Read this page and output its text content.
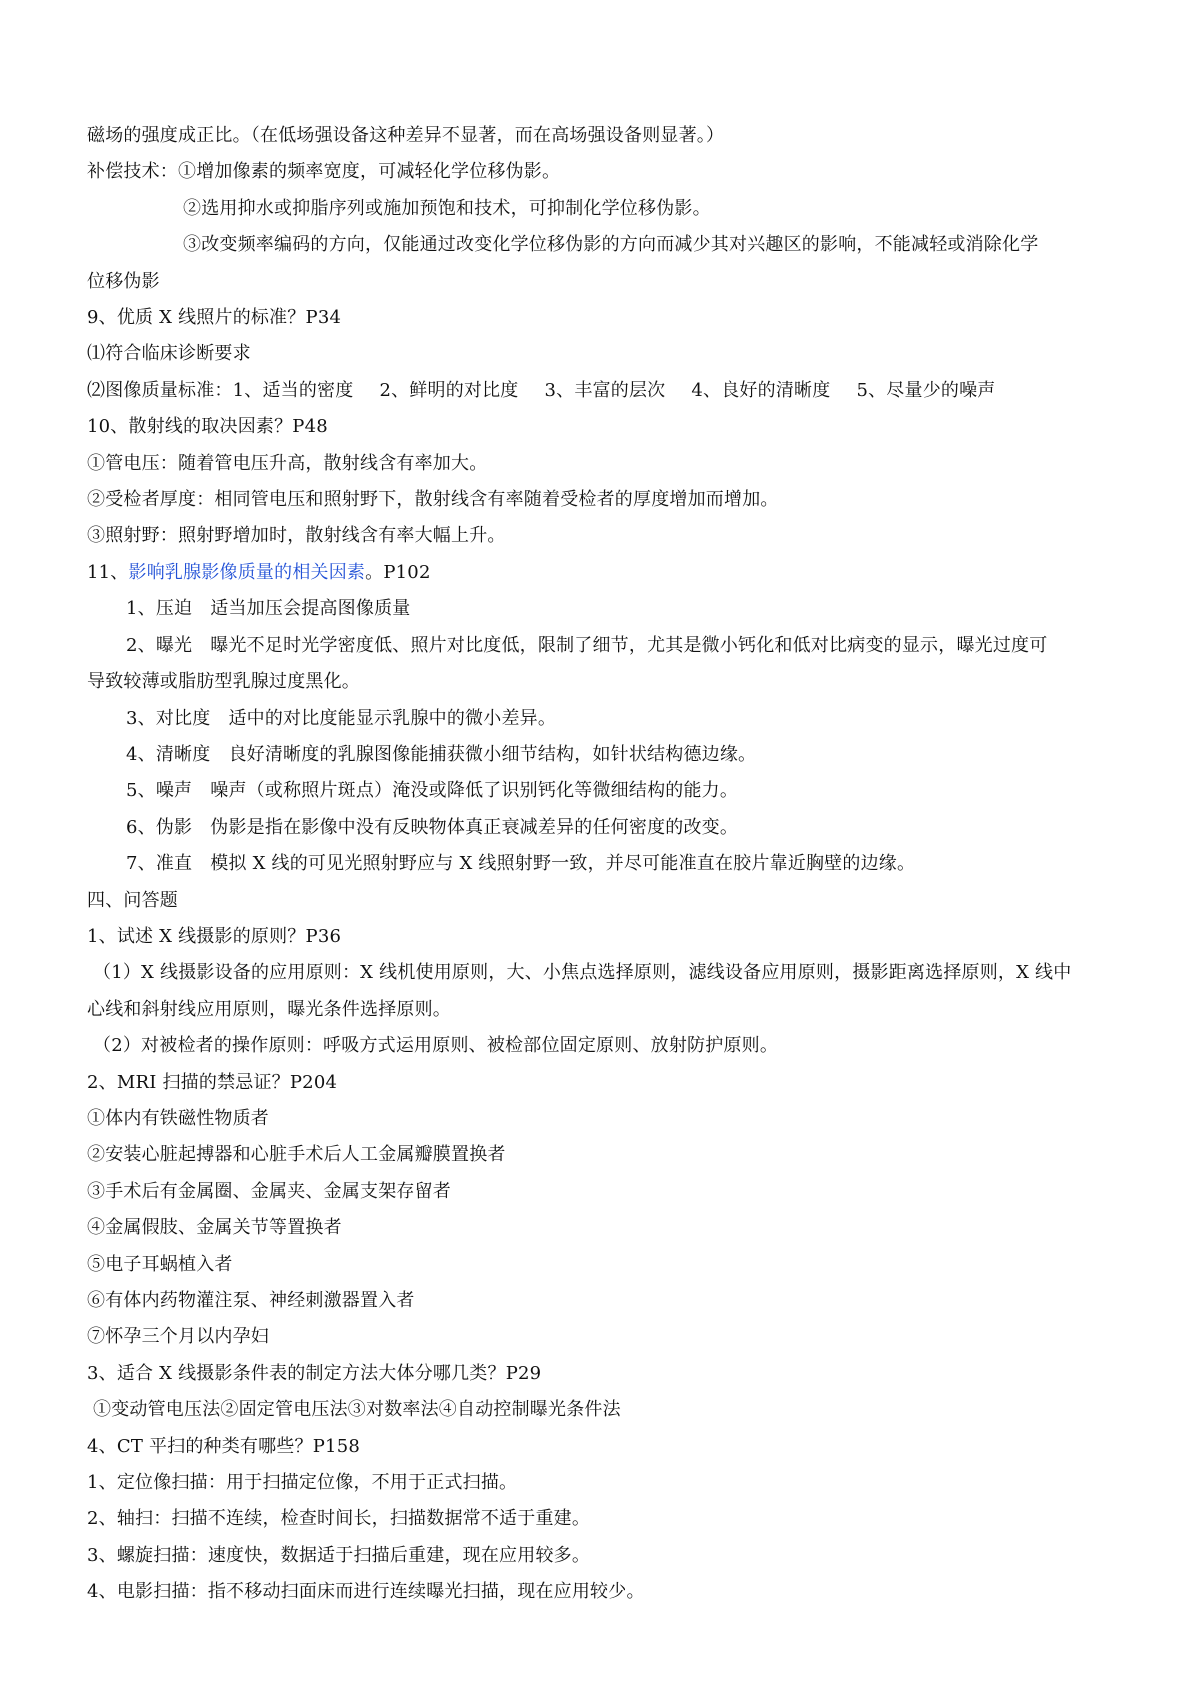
磁场的强度成正比。（在低场强设备这种差异不显著，而在高场强设备则显著。）
补偿技术：①增加像素的频率宽度，可减轻化学位移伪影。
②选用抑水或抑脂序列或施加预饱和技术，可抑制化学位移伪影。
③改变频率编码的方向，仅能通过改变化学位移伪影的方向而减少其对兴趣区的影响，不能减轻或消除化学
位移伪影
9、优质 X 线照片的标准？P34
⑴符合临床诊断要求
⑵图像质量标准：1、适当的密度 2、鲜明的对比度 3、丰富的层次 4、良好的清晰度 5、尽量少的噪声
10、散射线的取决因素？P48
①管电压：随着管电压升高，散射线含有率加大。
②受检者厚度：相同管电压和照射野下，散射线含有率随着受检者的厚度增加而增加。
③照射野：照射野增加时，散射线含有率大幅上升。
11、影响乳腺影像质量的相关因素。P102
1、压迫 适当加压会提高图像质量
2、曝光 曝光不足时光学密度低、照片对比度低，限制了细节，尤其是微小钙化和低对比病变的显示，曝光过度可
导致较薄或脂肪型乳腺过度黑化。
3、对比度 适中的对比度能显示乳腺中的微小差异。
4、清晰度 良好清晰度的乳腺图像能捕获微小细节结构，如针状结构德边缘。
5、噪声 噪声（或称照片斑点）淹没或降低了识别钙化等微细结构的能力。
6、伪影 伪影是指在影像中没有反映物体真正衰减差异的任何密度的改变。
7、准直 模拟 X 线的可见光照射野应与 X 线照射野一致，并尽可能准直在胶片靠近胸壁的边缘。
四、问答题
1、试述 X 线摄影的原则？P36
（1）X 线摄影设备的应用原则：X 线机使用原则，大、小焦点选择原则，滤线设备应用原则，摄影距离选择原则，X 线中
心线和斜射线应用原则，曝光条件选择原则。
（2）对被检者的操作原则：呼吸方式运用原则、被检部位固定原则、放射防护原则。
2、MRI 扫描的禁忌证？P204
①体内有铁磁性物质者
②安装心脏起搏器和心脏手术后人工金属瓣膜置换者
③手术后有金属圈、金属夹、金属支架存留者
④金属假肢、金属关节等置换者
⑤电子耳蜗植入者
⑥有体内药物灌注泵、神经刺激器置入者
⑦怀孕三个月以内孕妇
3、适合 X 线摄影条件表的制定方法大体分哪几类？P29
①变动管电压法②固定管电压法③对数率法④自动控制曝光条件法
4、CT 平扫的种类有哪些？P158
1、定位像扫描：用于扫描定位像，不用于正式扫描。
2、轴扫：扫描不连续，检查时间长，扫描数据常不适于重建。
3、螺旋扫描：速度快，数据适于扫描后重建，现在应用较多。
4、电影扫描：指不移动扫面床而进行连续曝光扫描，现在应用较少。
